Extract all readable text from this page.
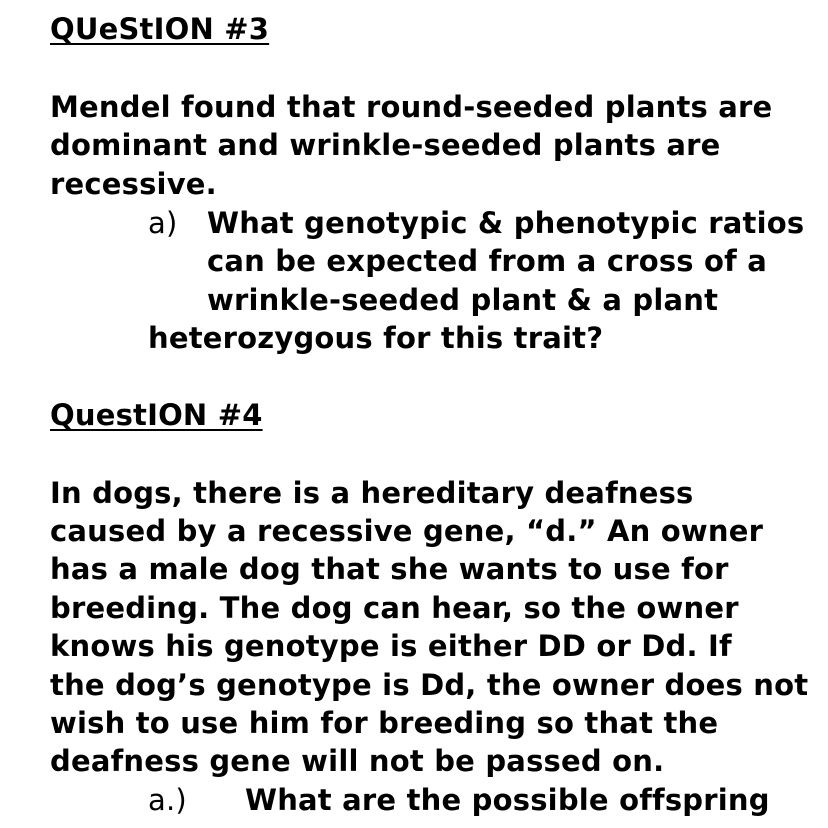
QUeStION #3
Mendel found that round-seeded plants are
dominant and wrinkle-seeded plants are
recessive.
a) What genotypic & phenotypic ratios
can be expected from a cross of a
wrinkle-seeded plant & a plant
heterozygous for this trait?
QuestION #4
In dogs, there is a hereditary deafness
caused by a recessive gene, “d.” An owner
has a male dog that she wants to use for
breeding. The dog can hear, so the owner
knows his genotype is either DD or Dd. If
the dog’s genotype is Dd, the owner does not
wish to use him for breeding so that the
deafness gene will not be passed on.
a.) What are the possible offspring
